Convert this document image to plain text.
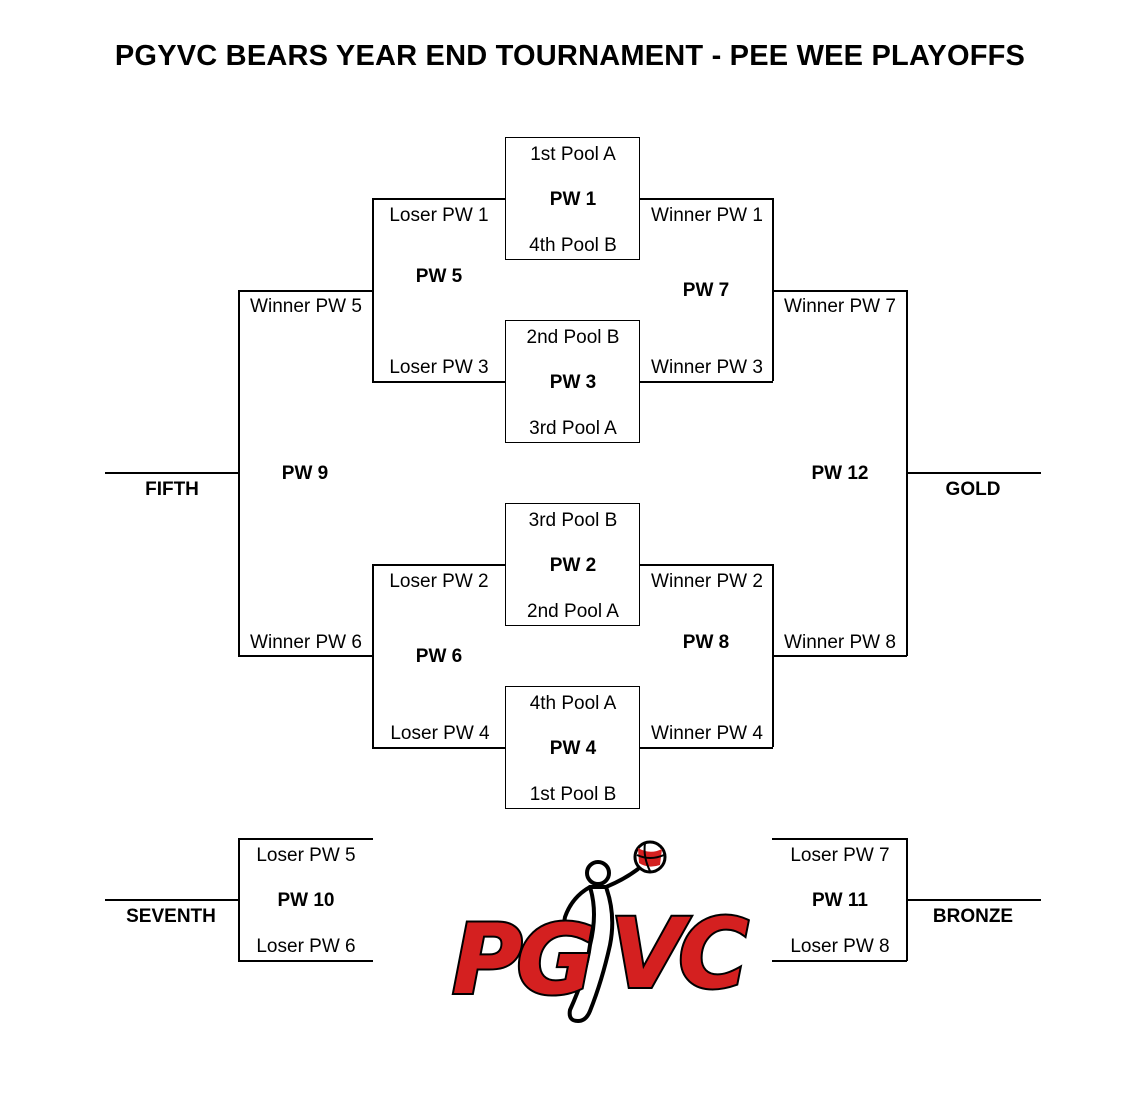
PGYVC BEARS YEAR END TOURNAMENT - PEE WEE PLAYOFFS
1st Pool A
PW 1
4th Pool B
2nd Pool B
PW 3
3rd Pool A
3rd Pool B
PW 2
2nd Pool A
4th Pool A
PW 4
1st Pool B
Loser PW 1
PW 5
Loser PW 3
Winner PW 1
PW 7
Winner PW 3
Loser PW 2
PW 6
Loser PW 4
Winner PW 2
PW 8
Winner PW 4
Winner PW 5
PW 9
Winner PW 6
FIFTH
Winner PW 7
PW 12
Winner PW 8
GOLD
Loser PW 5
PW 10
Loser PW 6
SEVENTH
Loser PW 7
PW 11
Loser PW 8
BRONZE
PG VC
